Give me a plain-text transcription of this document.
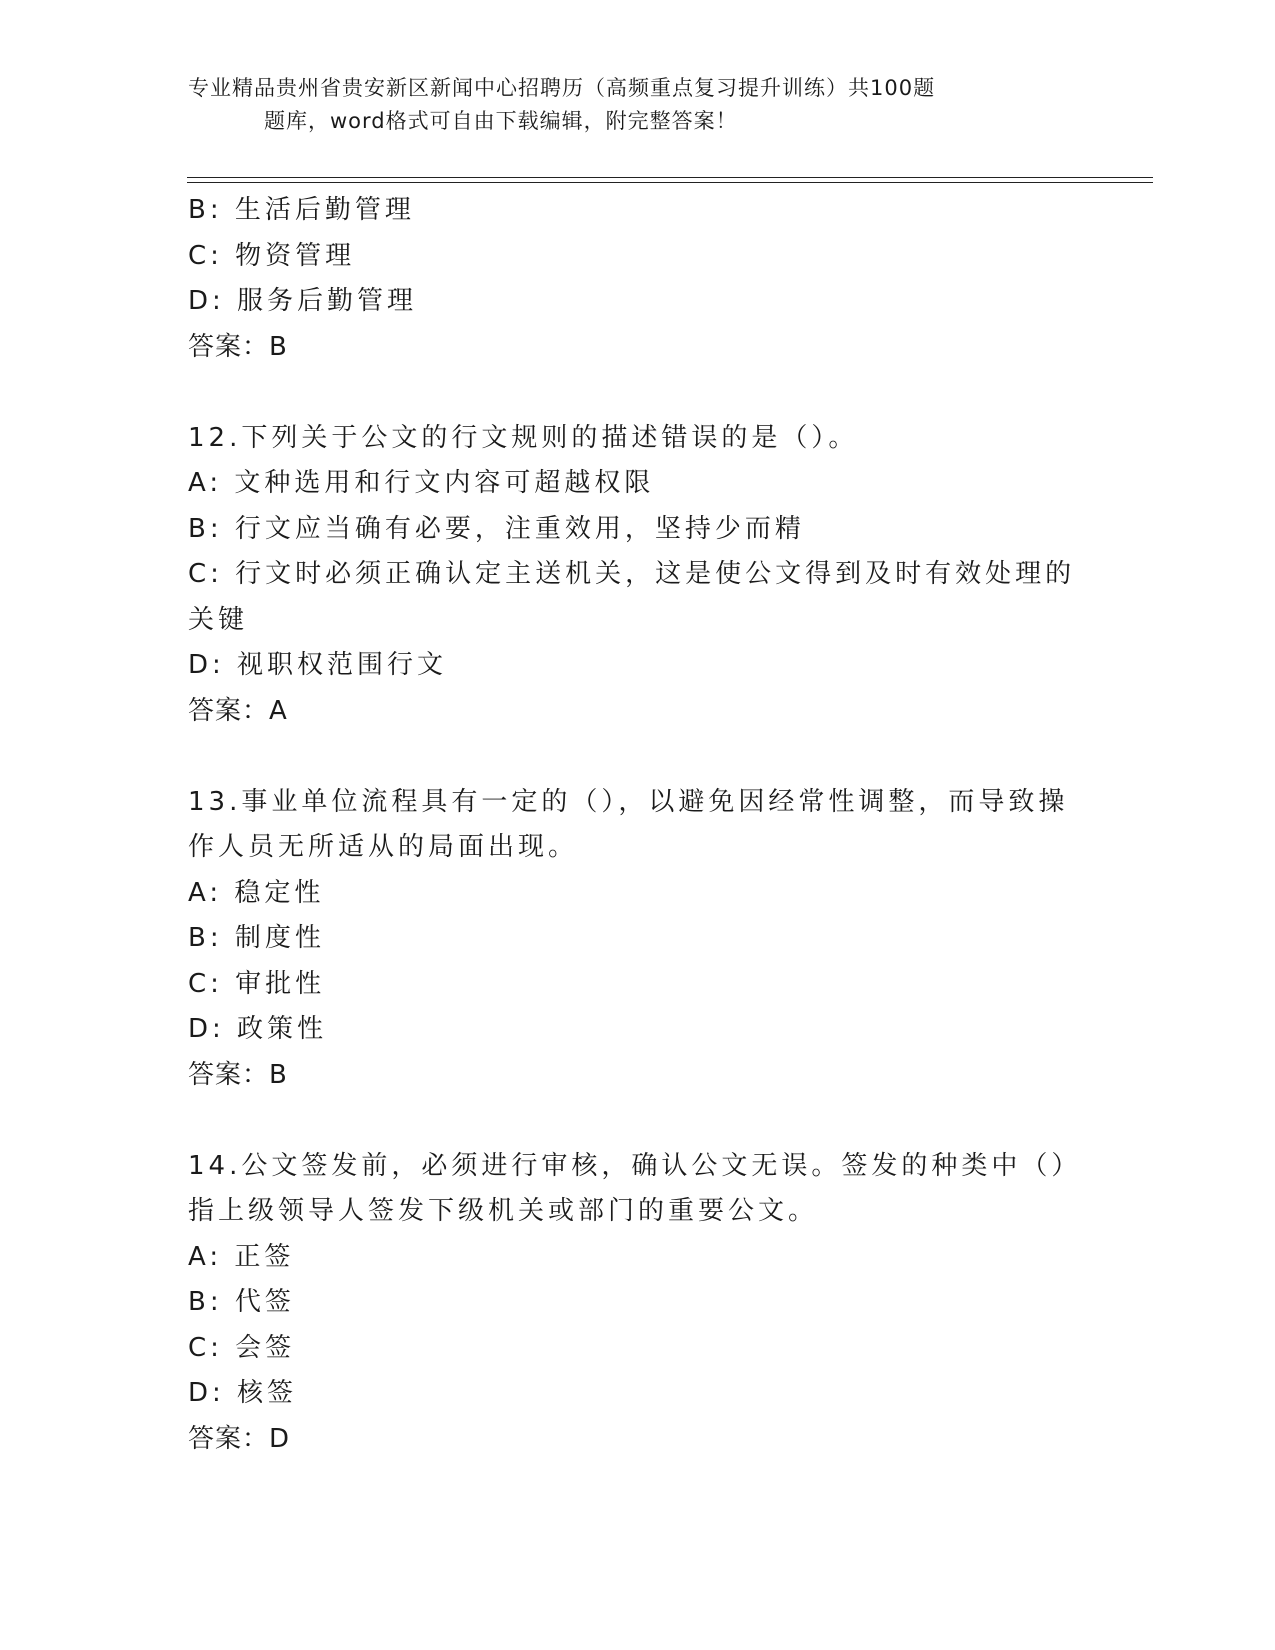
专业精品贵州省贵安新区新闻中心招聘历（高频重点复习提升训练）共100题
题库，word格式可自由下载编辑，附完整答案！

B: 生活后勤管理

C: 物资管理

D: 服务后勤管理

答案：B

12.下列关于公文的行文规则的描述错误的是（）。

A: 文种选用和行文内容可超越权限

B: 行文应当确有必要，注重效用，坚持少而精

C: 行文时必须正确认定主送机关，这是使公文得到及时有效处理的关键

D: 视职权范围行文

答案：A

13.事业单位流程具有一定的（），以避免因经常性调整，而导致操作人员无所适从的局面出现。

A: 稳定性

B: 制度性

C: 审批性

D: 政策性

答案：B

14.公文签发前，必须进行审核，确认公文无误。签发的种类中（）指上级领导人签发下级机关或部门的重要公文。

A: 正签

B: 代签

C: 会签

D: 核签

答案：D
